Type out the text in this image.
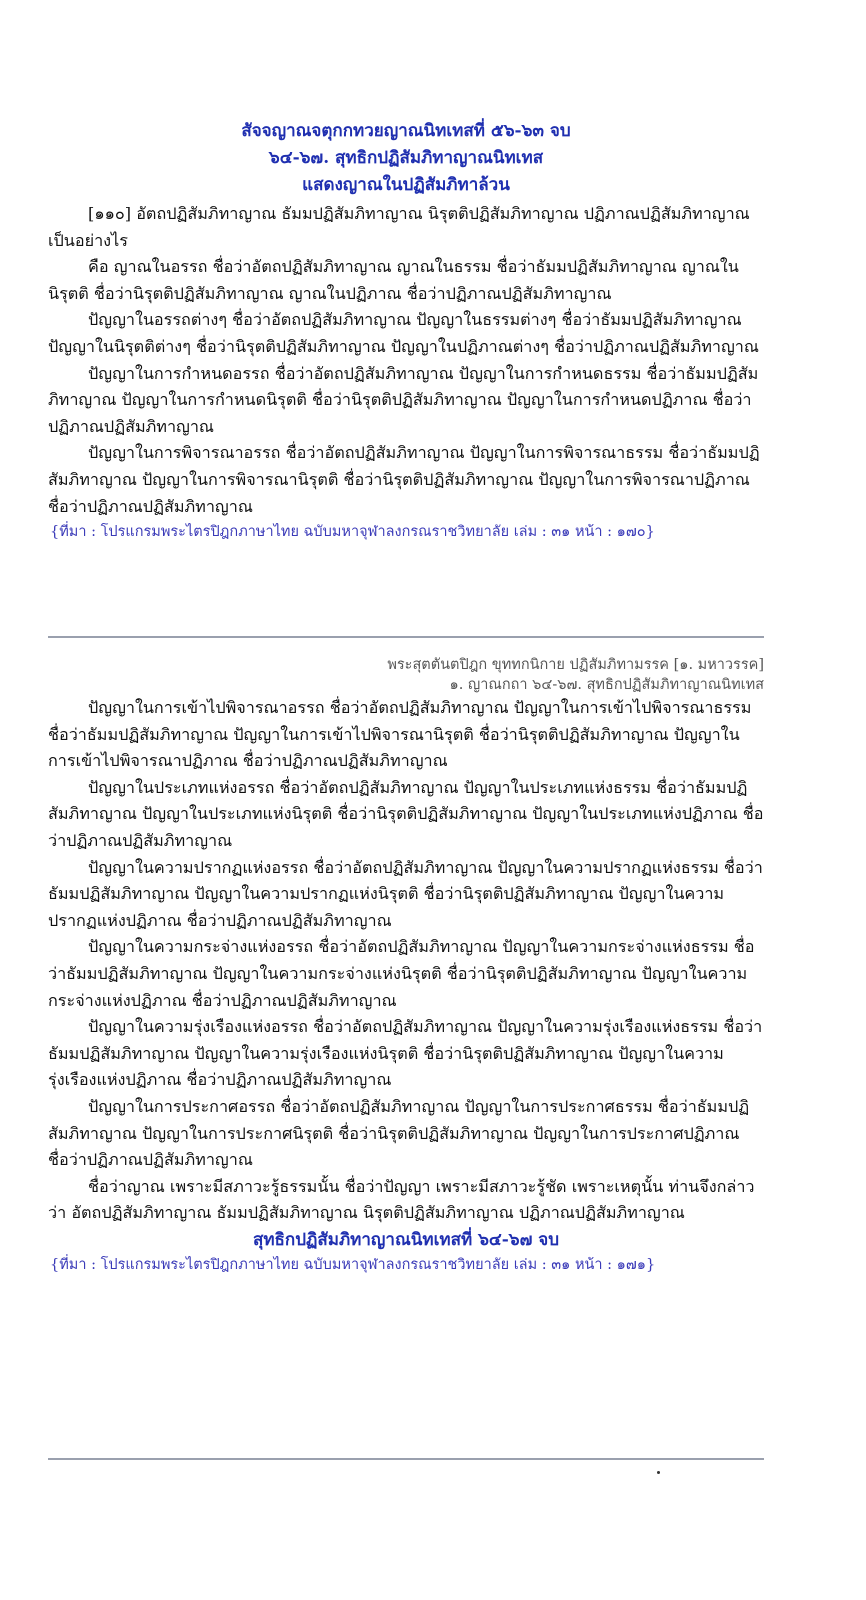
สัจจญาณจตุกกทวยญาณนิทเทสที่ ๕๖-๖๓ จบ
๖๔-๖๗. สุทธิกปฏิสัมภิทาญาณนิทเทส
แสดงญาณในปฏิสัมภิทาล้วน

[๑๑๐] อัตถปฏิสัมภิทาญาณ ธัมมปฏิสัมภิทาญาณ นิรุตติปฏิสัมภิทาญาณ ปฏิภาณปฏิสัมภิทาญาณ เป็นอย่างไร

คือ ญาณในอรรถ ชื่อว่าอัตถปฏิสัมภิทาญาณ ญาณในธรรม ชื่อว่าธัมมปฏิสัมภิทาญาณ ญาณในนิรุตติ ชื่อว่านิรุตติปฏิสัมภิทาญาณ ญาณในปฏิภาณ ชื่อว่าปฏิภาณปฏิสัมภิทาญาณ

ปัญญาในอรรถต่างๆ ชื่อว่าอัตถปฏิสัมภิทาญาณ ปัญญาในธรรมต่างๆ ชื่อว่าธัมมปฏิสัมภิทาญาณ ปัญญาในนิรุตติต่างๆ ชื่อว่านิรุตติปฏิสัมภิทาญาณ ปัญญาในปฏิภาณต่างๆ ชื่อว่าปฏิภาณปฏิสัมภิทาญาณ

ปัญญาในการกำหนดอรรถ ชื่อว่าอัตถปฏิสัมภิทาญาณ ปัญญาในการกำหนดธรรม ชื่อว่าธัมมปฏิสัมภิทาญาณ ปัญญาในการกำหนดนิรุตติ ชื่อว่านิรุตติปฏิสัมภิทาญาณ ปัญญาในการกำหนดปฏิภาณ ชื่อว่าปฏิภาณปฏิสัมภิทาญาณ

ปัญญาในการพิจารณาอรรถ ชื่อว่าอัตถปฏิสัมภิทาญาณ ปัญญาในการพิจารณาธรรม ชื่อว่าธัมมปฏิสัมภิทาญาณ ปัญญาในการพิจารณานิรุตติ ชื่อว่านิรุตติปฏิสัมภิทาญาณ ปัญญาในการพิจารณาปฏิภาณ ชื่อว่าปฏิภาณปฏิสัมภิทาญาณ

{ที่มา : โปรแกรมพระไตรปิฎกภาษาไทย ฉบับมหาจุฬาลงกรณราชวิทยาลัย เล่ม : ๓๑ หน้า : ๑๗๐}
พระสุตตันตปิฎก ขุททกนิกาย ปฏิสัมภิทามรรค [๑. มหาวรรค]
๑. ญาณกถา ๖๔-๖๗. สุทธิกปฏิสัมภิทาญาณนิทเทส

ปัญญาในการเข้าไปพิจารณาอรรถ ชื่อว่าอัตถปฏิสัมภิทาญาณ ปัญญาในการเข้าไปพิจารณาธรรม ชื่อว่าธัมมปฏิสัมภิทาญาณ ปัญญาในการเข้าไปพิจารณานิรุตติ ชื่อว่านิรุตติปฏิสัมภิทาญาณ ปัญญาในการเข้าไปพิจารณาปฏิภาณ ชื่อว่าปฏิภาณปฏิสัมภิทาญาณ

ปัญญาในประเภทแห่งอรรถ ชื่อว่าอัตถปฏิสัมภิทาญาณ ปัญญาในประเภทแห่งธรรม ชื่อว่าธัมมปฏิสัมภิทาญาณ ปัญญาในประเภทแห่งนิรุตติ ชื่อว่านิรุตติปฏิสัมภิทาญาณ ปัญญาในประเภทแห่งปฏิภาณ ชื่อว่าปฏิภาณปฏิสัมภิทาญาณ

ปัญญาในความปรากฏแห่งอรรถ ชื่อว่าอัตถปฏิสัมภิทาญาณ ปัญญาในความปรากฏแห่งธรรม ชื่อว่าธัมมปฏิสัมภิทาญาณ ปัญญาในความปรากฏแห่งนิรุตติ ชื่อว่านิรุตติปฏิสัมภิทาญาณ ปัญญาในความปรากฏแห่งปฏิภาณ ชื่อว่าปฏิภาณปฏิสัมภิทาญาณ

ปัญญาในความกระจ่างแห่งอรรถ ชื่อว่าอัตถปฏิสัมภิทาญาณ ปัญญาในความกระจ่างแห่งธรรม ชื่อว่าธัมมปฏิสัมภิทาญาณ ปัญญาในความกระจ่างแห่งนิรุตติ ชื่อว่านิรุตติปฏิสัมภิทาญาณ ปัญญาในความกระจ่างแห่งปฏิภาณ ชื่อว่าปฏิภาณปฏิสัมภิทาญาณ

ปัญญาในความรุ่งเรืองแห่งอรรถ ชื่อว่าอัตถปฏิสัมภิทาญาณ ปัญญาในความรุ่งเรืองแห่งธรรม ชื่อว่าธัมมปฏิสัมภิทาญาณ ปัญญาในความรุ่งเรืองแห่งนิรุตติ ชื่อว่านิรุตติปฏิสัมภิทาญาณ ปัญญาในความรุ่งเรืองแห่งปฏิภาณ ชื่อว่าปฏิภาณปฏิสัมภิทาญาณ

ปัญญาในการประกาศอรรถ ชื่อว่าอัตถปฏิสัมภิทาญาณ ปัญญาในการประกาศธรรม ชื่อว่าธัมมปฏิสัมภิทาญาณ ปัญญาในการประกาศนิรุตติ ชื่อว่านิรุตติปฏิสัมภิทาญาณ ปัญญาในการประกาศปฏิภาณ ชื่อว่าปฏิภาณปฏิสัมภิทาญาณ

ชื่อว่าญาณ เพราะมีสภาวะรู้ธรรมนั้น ชื่อว่าปัญญา เพราะมีสภาวะรู้ชัด เพราะเหตุนั้น ท่านจึงกล่าวว่า อัตถปฏิสัมภิทาญาณ ธัมมปฏิสัมภิทาญาณ นิรุตติปฏิสัมภิทาญาณ ปฏิภาณปฏิสัมภิทาญาณ

สุทธิกปฏิสัมภิทาญาณนิทเทสที่ ๖๔-๖๗ จบ
{ที่มา : โปรแกรมพระไตรปิฎกภาษาไทย ฉบับมหาจุฬาลงกรณราชวิทยาลัย เล่ม : ๓๑ หน้า : ๑๗๑}
